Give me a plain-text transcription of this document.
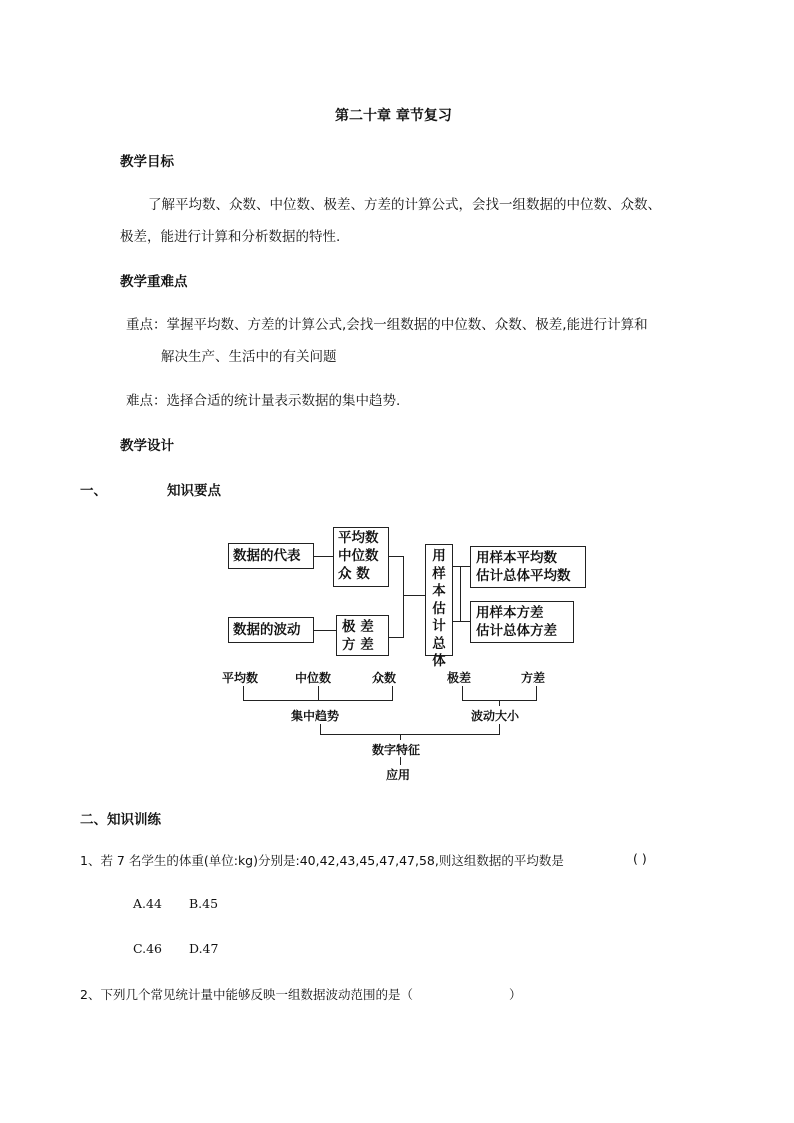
第二十章 章节复习
教学目标
了解平均数、众数、中位数、极差、方差的计算公式，会找一组数据的中位数、众数、
极差，能进行计算和分析数据的特性.
教学重难点
重点：掌握平均数、方差的计算公式,会找一组数据的中位数、众数、极差,能进行计算和
解决生产、生活中的有关问题
难点：选择合适的统计量表示数据的集中趋势.
教学设计
一、	知识要点
数据的代表
数据的波动
平均数
中位数
众 数
极 差
方 差
用样本估计总体
用样本平均数
估计总体平均数
用样本方差
估计总体方差
平均数	中位数	众数	极差	方差
集中趋势	波动大小
数字特征
应用
二、知识训练
1、若 7 名学生的体重(单位:kg)分别是:40,42,43,45,47,47,58,则这组数据的平均数是	( )
A.44 B.45
C.46 D.47
2、下列几个常见统计量中能够反映一组数据波动范围的是（	）
